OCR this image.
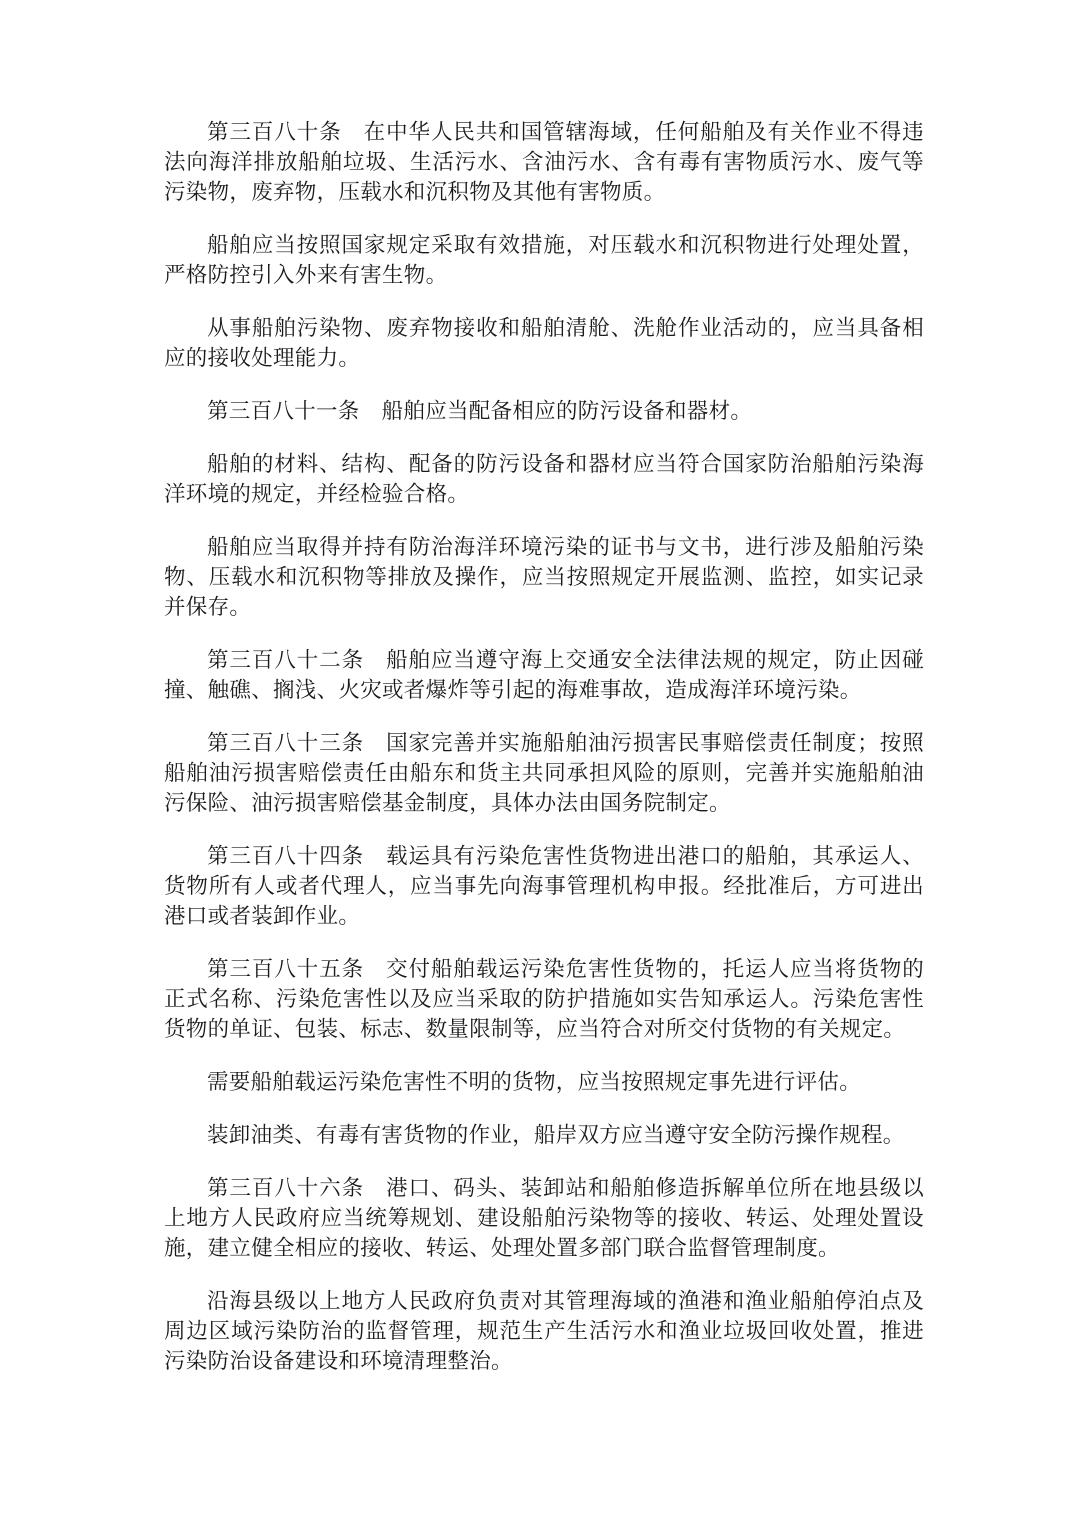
第三百八十条 在中华人民共和国管辖海域，任何船舶及有关作业不得违法向海洋排放船舶垃圾、生活污水、含油污水、含有毒有害物质污水、废气等污染物，废弃物，压载水和沉积物及其他有害物质。

船舶应当按照国家规定采取有效措施，对压载水和沉积物进行处理处置，严格防控引入外来有害生物。

从事船舶污染物、废弃物接收和船舶清舱、洗舱作业活动的，应当具备相应的接收处理能力。

第三百八十一条 船舶应当配备相应的防污设备和器材。

船舶的材料、结构、配备的防污设备和器材应当符合国家防治船舶污染海洋环境的规定，并经检验合格。

船舶应当取得并持有防治海洋环境污染的证书与文书，进行涉及船舶污染物、压载水和沉积物等排放及操作，应当按照规定开展监测、监控，如实记录并保存。

第三百八十二条 船舶应当遵守海上交通安全法律法规的规定，防止因碰撞、触礁、搁浅、火灾或者爆炸等引起的海难事故，造成海洋环境污染。

第三百八十三条 国家完善并实施船舶油污损害民事赔偿责任制度；按照船舶油污损害赔偿责任由船东和货主共同承担风险的原则，完善并实施船舶油污保险、油污损害赔偿基金制度，具体办法由国务院制定。

第三百八十四条 载运具有污染危害性货物进出港口的船舶，其承运人、货物所有人或者代理人，应当事先向海事管理机构申报。经批准后，方可进出港口或者装卸作业。

第三百八十五条 交付船舶载运污染危害性货物的，托运人应当将货物的正式名称、污染危害性以及应当采取的防护措施如实告知承运人。污染危害性货物的单证、包装、标志、数量限制等，应当符合对所交付货物的有关规定。

需要船舶载运污染危害性不明的货物，应当按照规定事先进行评估。

装卸油类、有毒有害货物的作业，船岸双方应当遵守安全防污操作规程。

第三百八十六条 港口、码头、装卸站和船舶修造拆解单位所在地县级以上地方人民政府应当统筹规划、建设船舶污染物等的接收、转运、处理处置设施，建立健全相应的接收、转运、处理处置多部门联合监督管理制度。

沿海县级以上地方人民政府负责对其管理海域的渔港和渔业船舶停泊点及周边区域污染防治的监督管理，规范生产生活污水和渔业垃圾回收处置，推进污染防治设备建设和环境清理整治。
